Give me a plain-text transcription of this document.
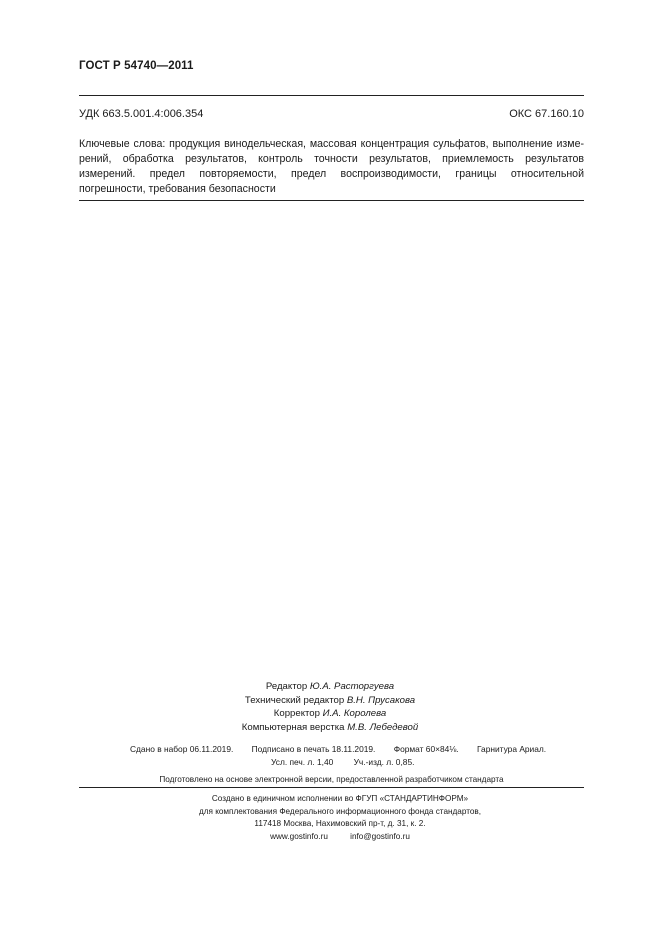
ГОСТ Р 54740—2011
УДК 663.5.001.4:006.354	ОКС 67.160.10
Ключевые слова: продукция винодельческая, массовая концентрация сульфатов, выполнение изме-рений, обработка результатов, контроль точности результатов, приемлемость результатов измерений. предел повторяемости, предел воспроизводимости, границы относительной погрешности, требования безопасности
Редактор Ю.А. Расторгуева
Технический редактор В.Н. Прусакова
Корректор И.А. Королева
Компьютерная верстка М.В. Лебедевой
Сдано в набор 06.11.2019. Подписано в печать 18.11.2019. Формат 60×84⅛. Гарнитура Ариал.
Усл. печ. л. 1,40 Уч.-изд. л. 0,85.
Подготовлено на основе электронной версии, предоставленной разработчиком стандарта
Создано в единичном исполнении во ФГУП «СТАНДАРТИНФОРМ»
для комплектования Федерального информационного фонда стандартов,
117418 Москва, Нахимовский пр-т, д. 31, к. 2.
www.gostinfo.ru	info@gostinfo.ru
